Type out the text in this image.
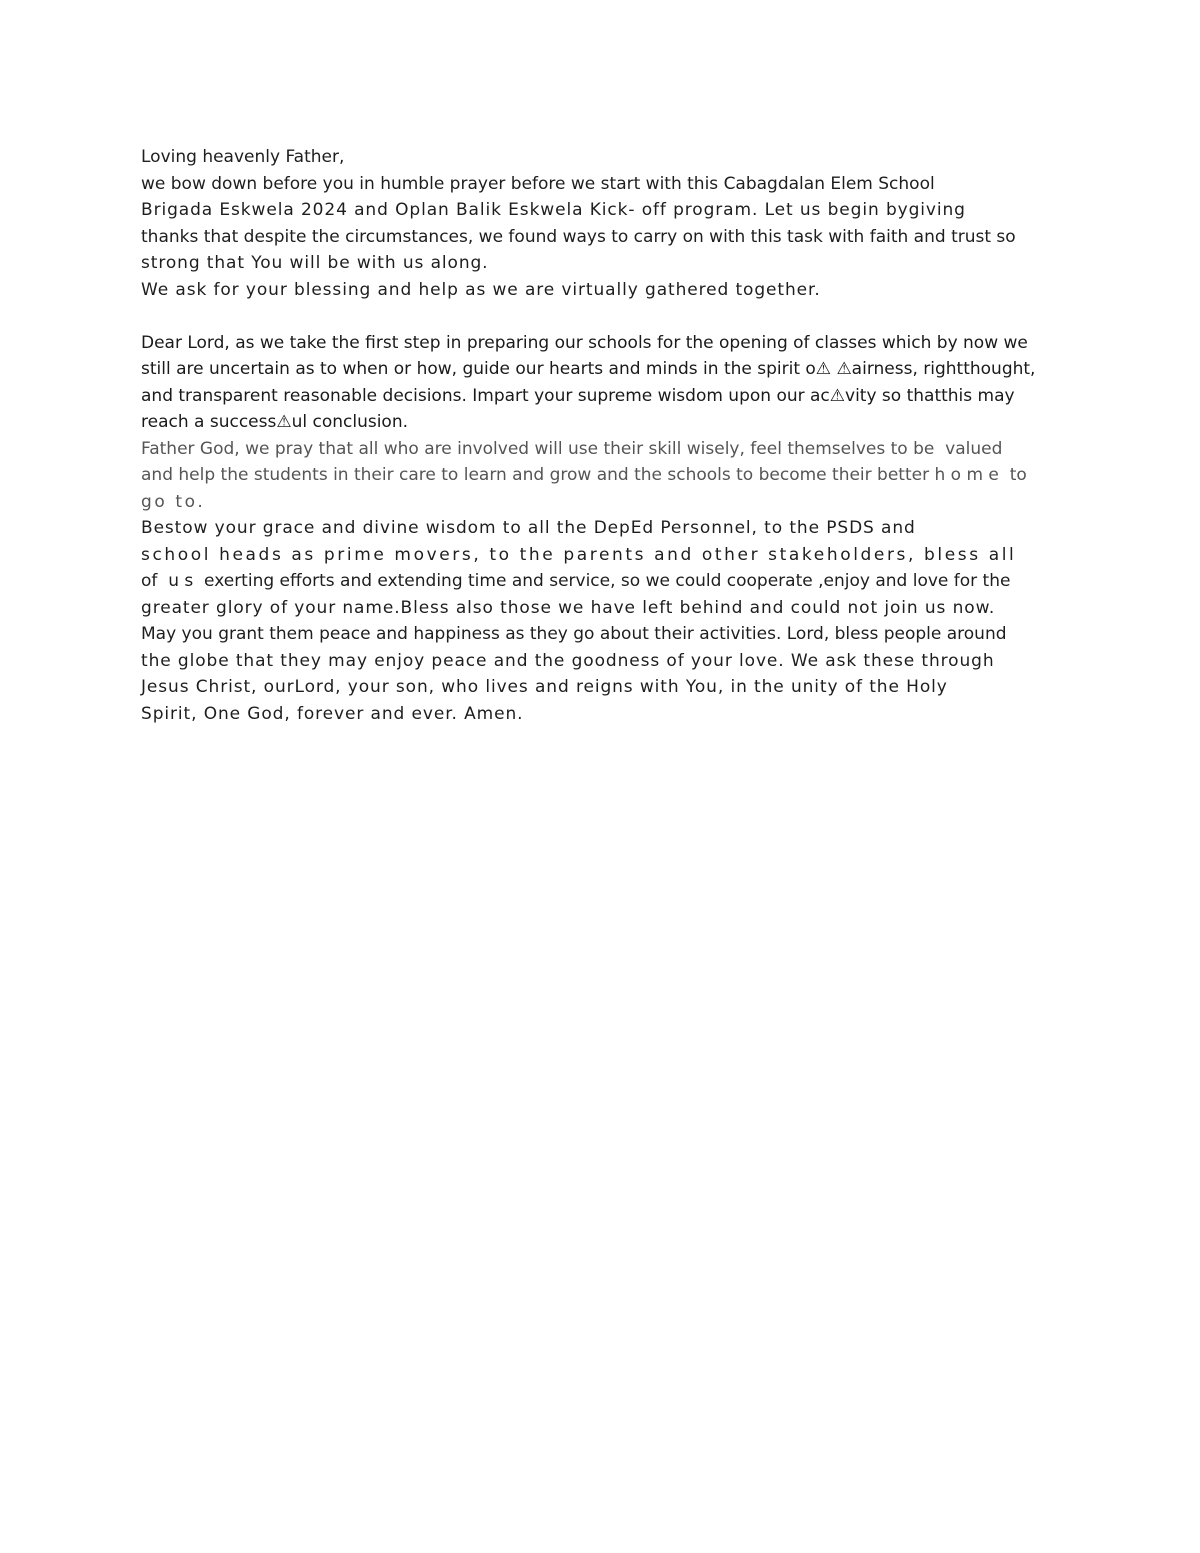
Loving heavenly Father,
we bow down before you in humble prayer before we start with this Cabagdalan Elem School
Brigada Eskwela 2024 and Oplan Balik Eskwela Kick- off program. Let us begin bygiving
thanks that despite the circumstances, we found ways to carry on with this task with faith and trust so
strong that You will be with us along.
We ask for your blessing and help as we are virtually gathered together.
Dear Lord, as we take the first step in preparing our schools for the opening of classes which by now we
still are uncertain as to when or how, guide our hearts and minds in the spirit o⚠ ⚠airness, rightthought,
and transparent reasonable decisions. Impart your supreme wisdom upon our ac⚠vity so thatthis may
reach a success⚠ul conclusion.
Father God, we pray that all who are involved will use their skill wisely, feel themselves to be  valued
and help the students in their care to learn and grow and the schools to become their better h o m e  to
go to.
Bestow your grace and divine wisdom to all the DepEd Personnel, to the PSDS and
school heads as prime movers, to the parents and other stakeholders, bless all
of  u s  exerting efforts and extending time and service, so we could cooperate ,enjoy and love for the
greater glory of your name.Bless also those we have left behind and could not join us now.
May you grant them peace and happiness as they go about their activities. Lord, bless people around
the globe that they may enjoy peace and the goodness of your love. We ask these through
Jesus Christ, ourLord, your son, who lives and reigns with You, in the unity of the Holy
Spirit, One God, forever and ever. Amen.
